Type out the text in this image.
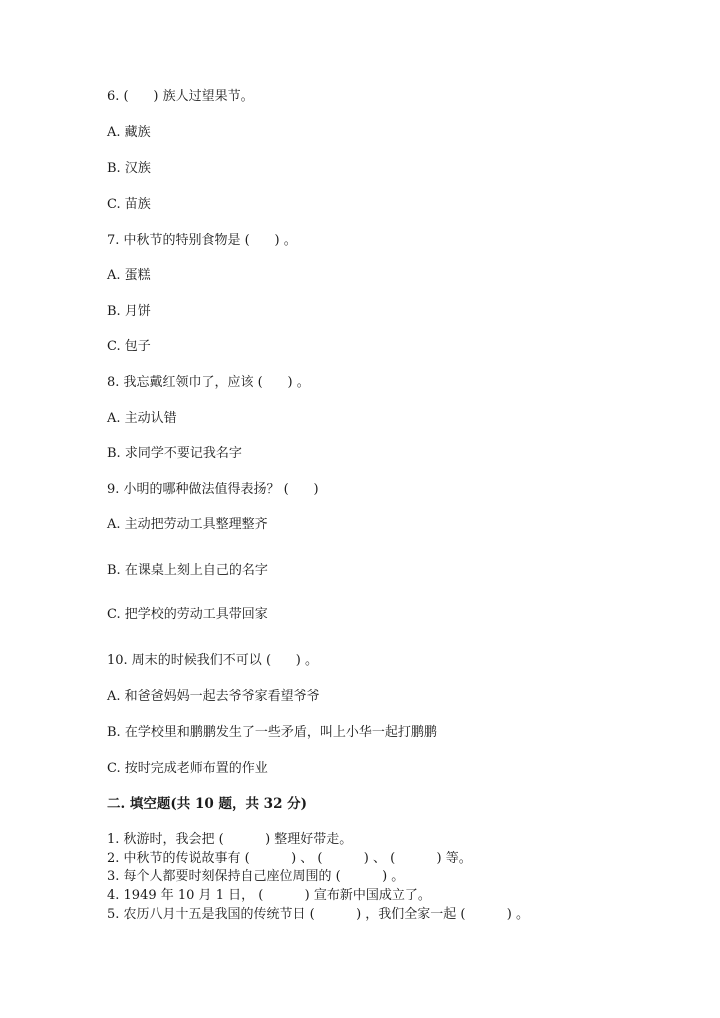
6. (      ) 族人过望果节。
A. 藏族
B. 汉族
C. 苗族
7. 中秋节的特别食物是 (      ) 。
A. 蛋糕
B. 月饼
C. 包子
8. 我忘戴红领巾了，应该 (      ) 。
A. 主动认错
B. 求同学不要记我名字
9. 小明的哪种做法值得表扬？ (      )
A. 主动把劳动工具整理整齐
B. 在课桌上刻上自己的名字
C. 把学校的劳动工具带回家
10. 周末的时候我们不可以 (      ) 。
A. 和爸爸妈妈一起去爷爷家看望爷爷
B. 在学校里和鹏鹏发生了一些矛盾，叫上小华一起打鹏鹏
C. 按时完成老师布置的作业
二. 填空题(共 10 题，共 32 分)
1. 秋游时，我会把 (          ) 整理好带走。
2. 中秋节的传说故事有 (          ) 、 (          ) 、 (          ) 等。
3. 每个人都要时刻保持自己座位周围的 (          ) 。
4. 1949 年 10 月 1 日， (          ) 宣布新中国成立了。
5. 农历八月十五是我国的传统节日 (          ) ，我们全家一起 (          ) 。
